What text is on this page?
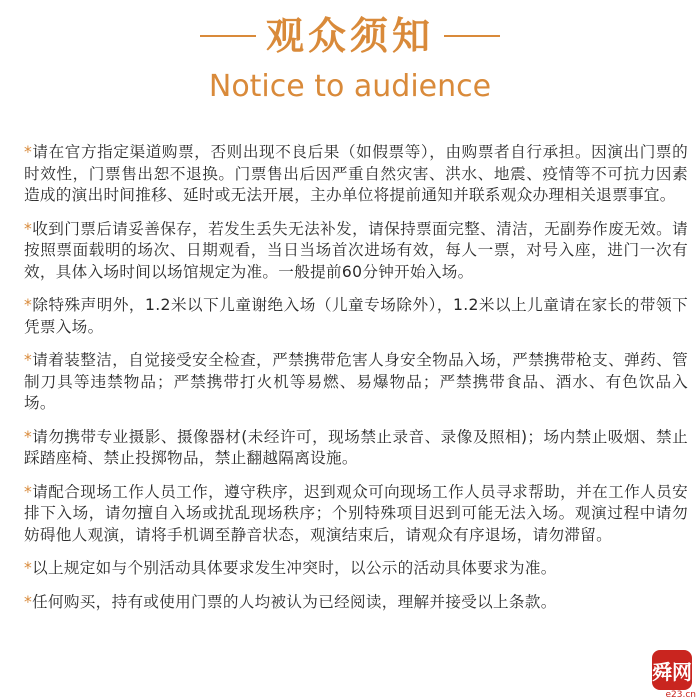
观众须知
Notice to audience

*请在官方指定渠道购票，否则出现不良后果（如假票等），由购票者自行承担。因演出门票的时效性，门票售出恕不退换。门票售出后因严重自然灾害、洪水、地震、疫情等不可抗力因素造成的演出时间推移、延时或无法开展，主办单位将提前通知并联系观众办理相关退票事宜。

*收到门票后请妥善保存，若发生丢失无法补发，请保持票面完整、清洁，无副券作废无效。请按照票面载明的场次、日期观看，当日当场首次进场有效，每人一票，对号入座，进门一次有效，具体入场时间以场馆规定为准。一般提前60分钟开始入场。

*除特殊声明外，1.2米以下儿童谢绝入场（儿童专场除外），1.2米以上儿童请在家长的带领下凭票入场。

*请着装整洁，自觉接受安全检查，严禁携带危害人身安全物品入场，严禁携带枪支、弹药、管制刀具等违禁物品；严禁携带打火机等易燃、易爆物品；严禁携带食品、酒水、有色饮品入场。

*请勿携带专业摄影、摄像器材(未经许可，现场禁止录音、录像及照相)；场内禁止吸烟、禁止踩踏座椅、禁止投掷物品，禁止翻越隔离设施。

*请配合现场工作人员工作，遵守秩序，迟到观众可向现场工作人员寻求帮助，并在工作人员安排下入场，请勿擅自入场或扰乱现场秩序；个别特殊项目迟到可能无法入场。观演过程中请勿妨碍他人观演，请将手机调至静音状态，观演结束后，请观众有序退场，请勿滞留。

*以上规定如与个别活动具体要求发生冲突时，以公示的活动具体要求为准。

*任何购买，持有或使用门票的人均被认为已经阅读，理解并接受以上条款。

舜网
e23.cn
